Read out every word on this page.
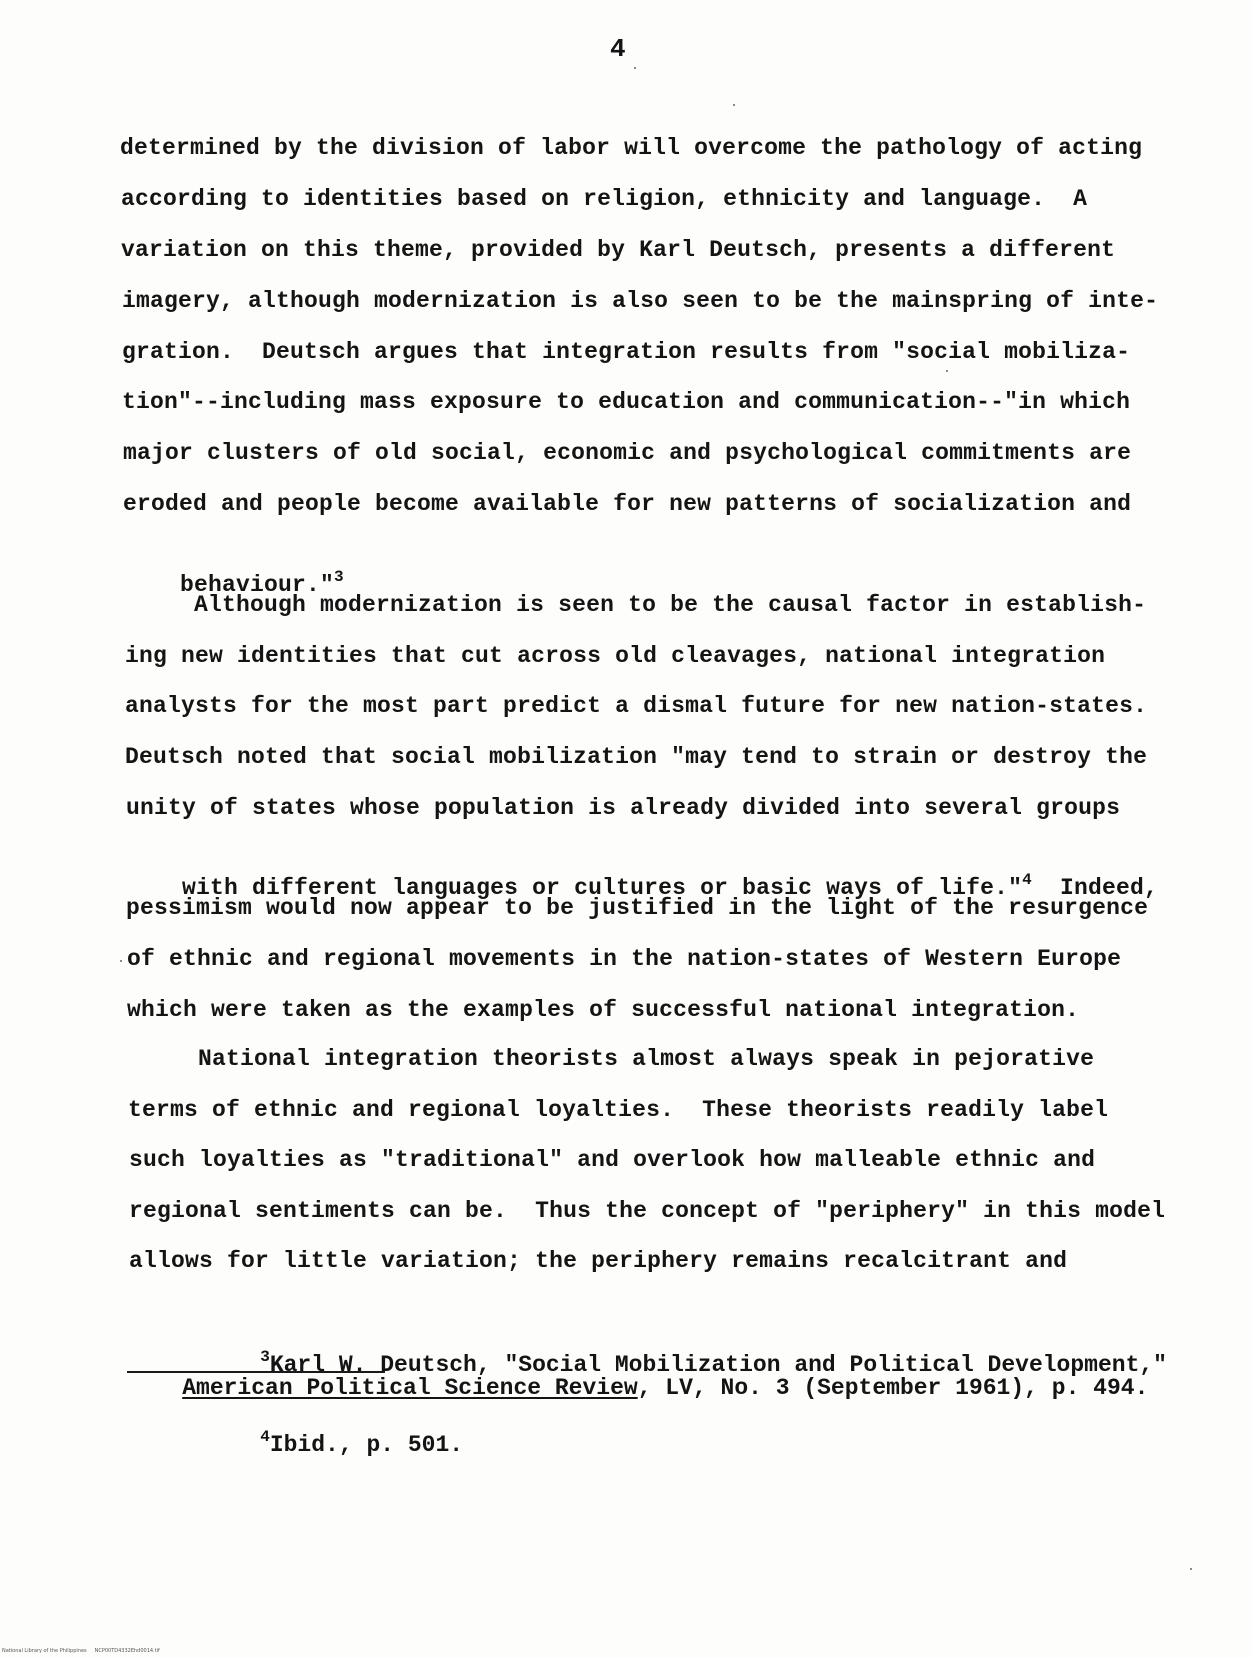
4
determined by the division of labor will overcome the pathology of acting
according to identities based on religion, ethnicity and language.  A
variation on this theme, provided by Karl Deutsch, presents a different
imagery, although modernization is also seen to be the mainspring of inte-
gration.  Deutsch argues that integration results from "social mobiliza-
tion"--including mass exposure to education and communication--"in which
major clusters of old social, economic and psychological commitments are
eroded and people become available for new patterns of socialization and

behaviour."$^3$

Although modernization is seen to be the causal factor in establish-
ing new identities that cut across old cleavages, national integration
analysts for the most part predict a dismal future for new nation-states.
Deutsch noted that social mobilization "may tend to strain or destroy the
unity of states whose population is already divided into several groups

with different languages or cultures or basic ways of life."$^4$  Indeed,

pessimism would now appear to be justified in the light of the resurgence
of ethnic and regional movements in the nation-states of Western Europe
which were taken as the examples of successful national integration.
National integration theorists almost always speak in pejorative
terms of ethnic and regional loyalties.  These theorists readily label
such loyalties as "traditional" and overlook how malleable ethnic and
regional sentiments can be.  Thus the concept of "periphery" in this model
allows for little variation; the periphery remains recalcitrant and

$^3$Karl W. Deutsch, "Social Mobilization and Political Development,"

American Political Science Review, LV, No. 3 (September 1961), p. 494.

$^4$Ibid., p. 501.

National Library of the Philippines     NCP00TD4332Ehd0014.tif
